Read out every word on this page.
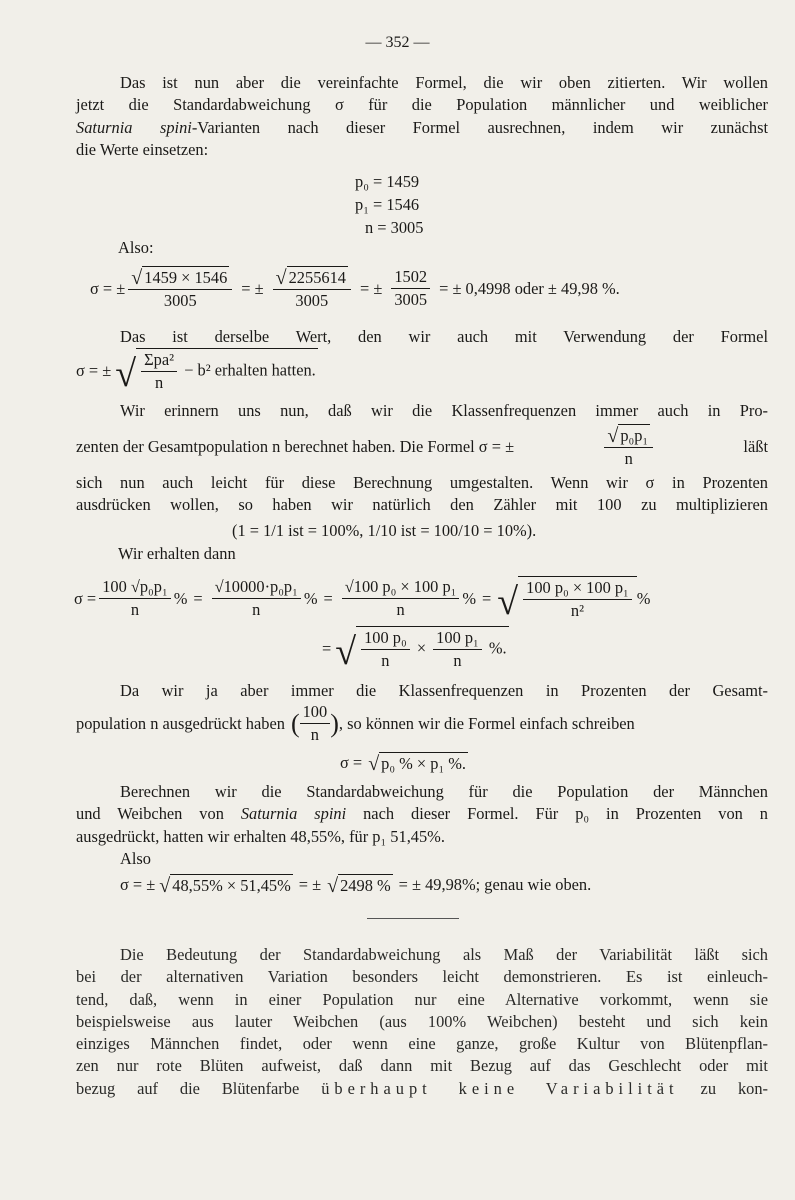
— 352 —
Das ist nun aber die vereinfachte Formel, die wir oben zitierten. Wir wollen
jetzt die Standardabweichung σ für die Population männlicher und weiblicher
Saturnia spini-Varianten nach dieser Formel ausrechnen, indem wir zunächst
die Werte einsetzen:
p₀ = 1459
p₁ = 1546
n = 3005
Also:
σ = ± $\frac{√ 1459 \times 1546}{3005}$ = ± $\frac{√ 2255614}{3005}$ = ± $\frac{1502}{3005}$ = ± 0,4998 oder ± 49,98 %.
Das ist derselbe Wert, den wir auch mit Verwendung der Formel
σ = ± √ $\frac{\text{Σpa²}}{n} - b^2$ erhalten hatten.
Wir erinnern uns nun, daß wir die Klassenfrequenzen immer auch in Pro-
zenten der Gesamtpopulation n berechnet haben. Die Formel σ = ±	$\frac{\text{√ p₀p₁}}{n}$	läßt
sich nun auch leicht für diese Berechnung umgestalten. Wenn wir σ in Prozenten
ausdrücken wollen, so haben wir natürlich den Zähler mit 100 zu multiplizieren
(1 = 1/1 ist = 100%, 1/10 ist = 100/10 = 10%).
Wir erhalten dann
$\sigma = \frac{\text{100 √p₀p₁}}{n}$ % = $\frac{\text{√10000·p₀p₁}}{n}$ % = $\frac{\text{√100 p₀ × 100 p₁}}{n}$ % = √ $\frac{\text{100 p₀ × 100 p₁}}{\text{n²}}$ %
= √ $\frac{\text{100 p₀}}{n} \times \frac{\text{100 p₁}}{n}$ %.
Da wir ja aber immer die Klassenfrequenzen in Prozenten der Gesamt-
population n ausgedrückt haben ( $\frac{100}{n}$ ) , so können wir die Formel einfach schreiben
σ = √ p₀ % × p₁ %.
Berechnen wir die Standardabweichung für die Population der Männchen
und Weibchen von Saturnia spini nach dieser Formel. Für p₀ in Prozenten von n
ausgedrückt, hatten wir erhalten 48,55%, für p₁ 51,45%.
Also
σ = ± √ 48,55% × 51,45% = ± √ 2498 % = ± 49,98%; genau wie oben.
Die Bedeutung der Standardabweichung als Maß der Variabilität läßt sich
bei der alternativen Variation besonders leicht demonstrieren. Es ist einleuch-
tend, daß, wenn in einer Population nur eine Alternative vorkommt, wenn sie
beispielsweise aus lauter Weibchen (aus 100% Weibchen) besteht und sich kein
einziges Männchen findet, oder wenn eine ganze, große Kultur von Blütenpflan-
zen nur rote Blüten aufweist, daß dann mit Bezug auf das Geschlecht oder mit
bezug auf die Blütenfarbe überhaupt keine Variabilität zu kon-
